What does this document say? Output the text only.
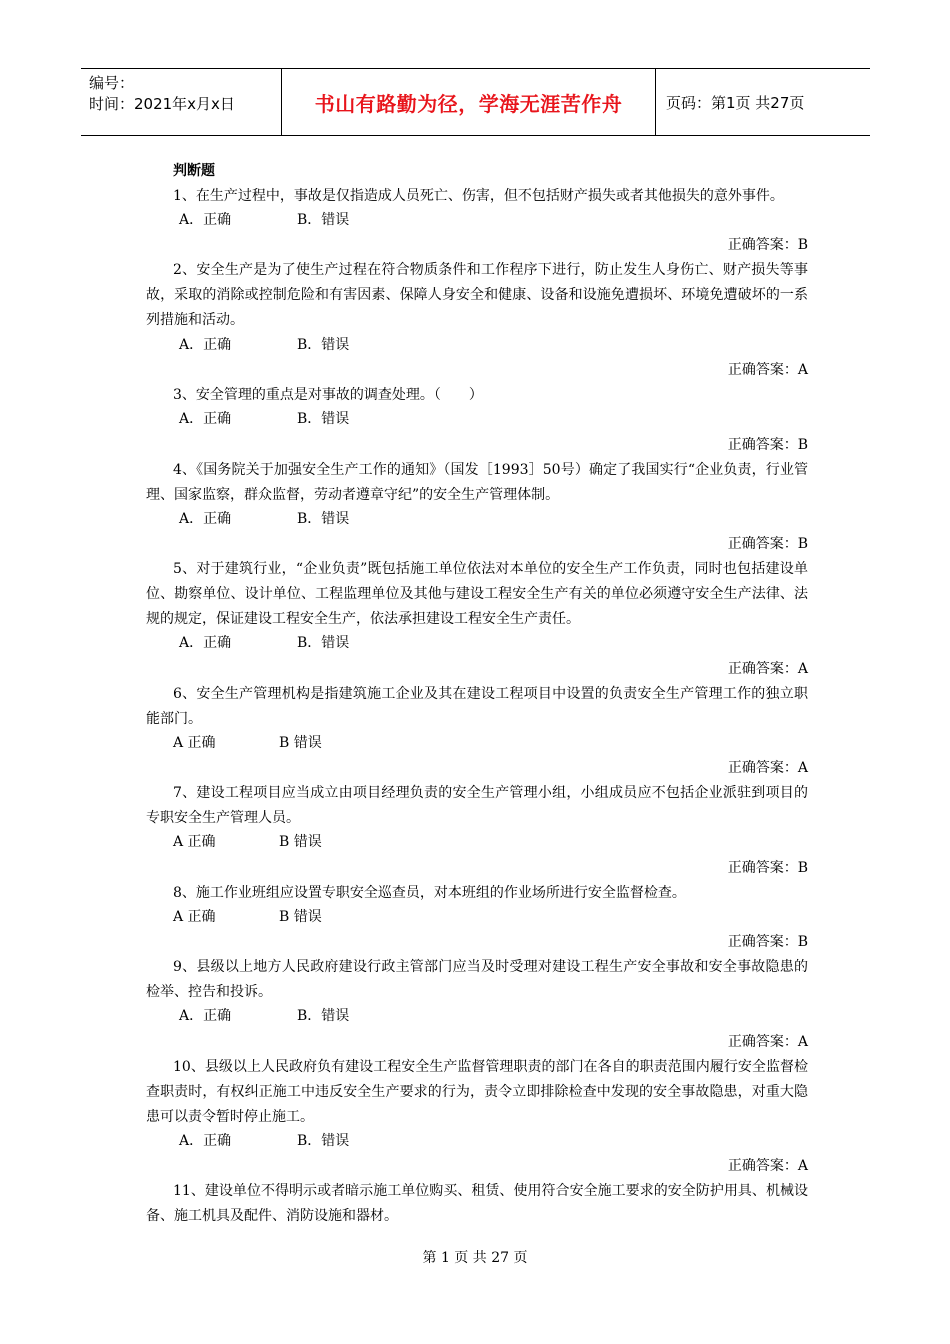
编号：
时间：2021年x月x日	书山有路勤为径，学海无涯苦作舟	页码：第1页 共27页
判断题
1、在生产过程中，事故是仅指造成人员死亡、伤害，但不包括财产损失或者其他损失的意外事件。
A．正确	B．错误
正确答案：B
2、安全生产是为了使生产过程在符合物质条件和工作程序下进行，防止发生人身伤亡、财产损失等事故，采取的消除或控制危险和有害因素、保障人身安全和健康、设备和设施免遭损坏、环境免遭破坏的一系列措施和活动。
A．正确	B．错误
正确答案：A
3、安全管理的重点是对事故的调查处理。（　　）
A．正确	B．错误
正确答案：B
4、《国务院关于加强安全生产工作的通知》（国发［1993］50号）确定了我国实行“企业负责，行业管理、国家监察，群众监督，劳动者遵章守纪”的安全生产管理体制。
A．正确	B．错误
正确答案：B
5、对于建筑行业，“企业负责”既包括施工单位依法对本单位的安全生产工作负责，同时也包括建设单位、勘察单位、设计单位、工程监理单位及其他与建设工程安全生产有关的单位必须遵守安全生产法律、法规的规定，保证建设工程安全生产，依法承担建设工程安全生产责任。
A．正确	B．错误
正确答案：A
6、安全生产管理机构是指建筑施工企业及其在建设工程项目中设置的负责安全生产管理工作的独立职能部门。
A 正确	B 错误
正确答案：A
7、建设工程项目应当成立由项目经理负责的安全生产管理小组，小组成员应不包括企业派驻到项目的专职安全生产管理人员。
A 正确	B 错误
正确答案：B
8、施工作业班组应设置专职安全巡查员，对本班组的作业场所进行安全监督检查。
A 正确	B 错误
正确答案：B
9、县级以上地方人民政府建设行政主管部门应当及时受理对建设工程生产安全事故和安全事故隐患的检举、控告和投诉。
A．正确	B．错误
正确答案：A
10、县级以上人民政府负有建设工程安全生产监督管理职责的部门在各自的职责范围内履行安全监督检查职责时，有权纠正施工中违反安全生产要求的行为，责令立即排除检查中发现的安全事故隐患，对重大隐患可以责令暂时停止施工。
A．正确	B．错误
正确答案：A
11、建设单位不得明示或者暗示施工单位购买、租赁、使用符合安全施工要求的安全防护用具、机械设备、施工机具及配件、消防设施和器材。
第 1 页 共 27 页
